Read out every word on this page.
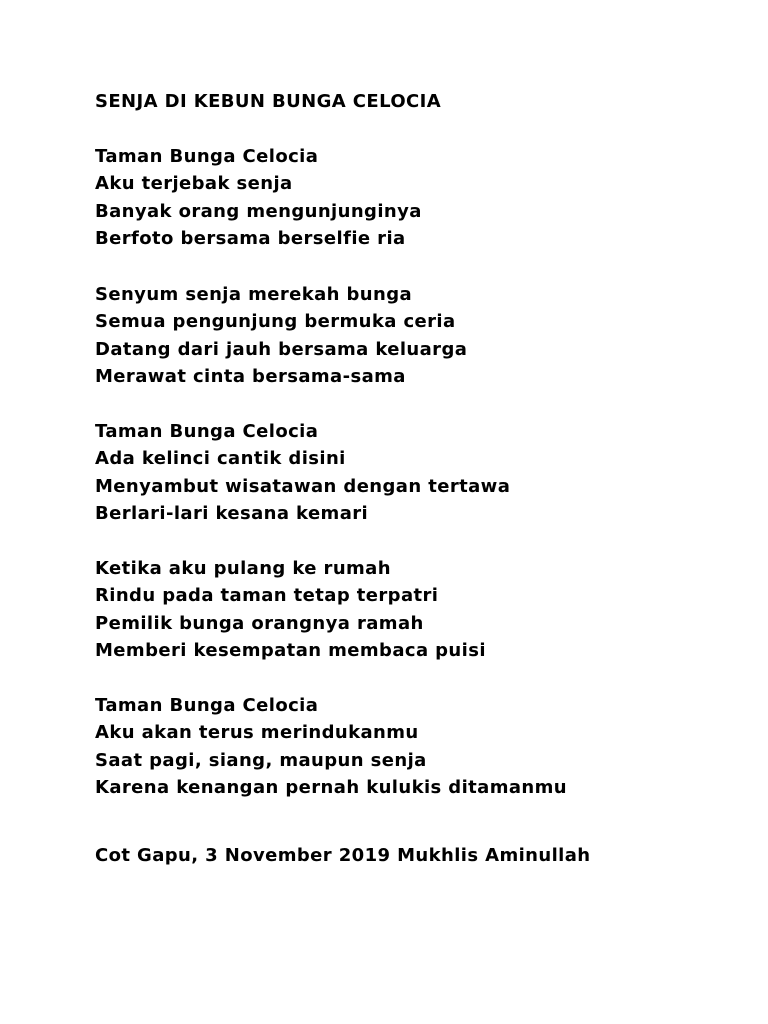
SENJA DI KEBUN BUNGA CELOCIA
Taman Bunga Celocia
Aku terjebak senja
Banyak orang mengunjunginya
Berfoto bersama berselfie ria
Senyum senja merekah bunga
Semua pengunjung bermuka ceria
Datang dari jauh bersama keluarga
Merawat cinta bersama-sama
Taman Bunga Celocia
Ada kelinci cantik disini
Menyambut wisatawan dengan tertawa
Berlari-lari kesana kemari
Ketika aku pulang ke rumah
Rindu pada taman tetap terpatri
Pemilik bunga orangnya ramah
Memberi kesempatan membaca puisi
Taman Bunga Celocia
Aku akan terus merindukanmu
Saat pagi, siang, maupun senja
Karena kenangan pernah kulukis ditamanmu

Cot Gapu, 3 November 2019 Mukhlis Aminullah
